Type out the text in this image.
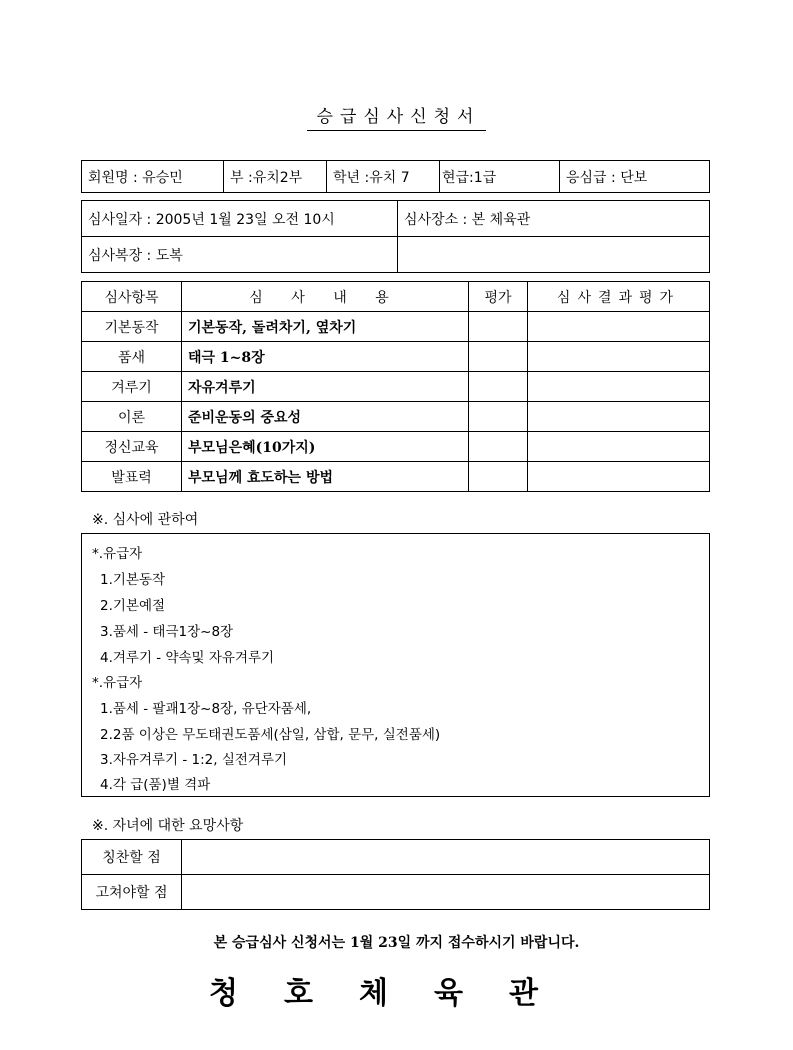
승급심사신청서
회원명 : 유승민	부 :유치2부	학년 :유치 7	현급:1급	응심급 : 단보
심사일자 : 2005년 1월 23일 오전 10시	심사장소 : 본 체육관
심사복장 : 도복	
심사항목	심 사 내 용	평가	심사결과평가
기본동작	기본동작, 돌려차기, 옆차기		
품새	태극 1~8장		
겨루기	자유겨루기		
이론	준비운동의 중요성		
정신교육	부모님은혜(10가지)		
발표력	부모님께 효도하는 방법		
※. 심사에 관하여
*.유급자
1.기본동작
2.기본예절
3.품세 - 태극1장~8장
4.겨루기 - 약속및 자유겨루기
*.유급자
1.품세 - 팔괘1장~8장, 유단자품세,
2.2품 이상은 무도태권도품세(삼일, 삼합, 문무, 실전품세)
3.자유겨루기 - 1:2, 실전겨루기
4.각 급(품)별 격파
※. 자녀에 대한 요망사항
칭찬할 점	
고쳐야할 점	
본 승급심사 신청서는 1월 23일 까지 접수하시기 바랍니다.
청호체육관
